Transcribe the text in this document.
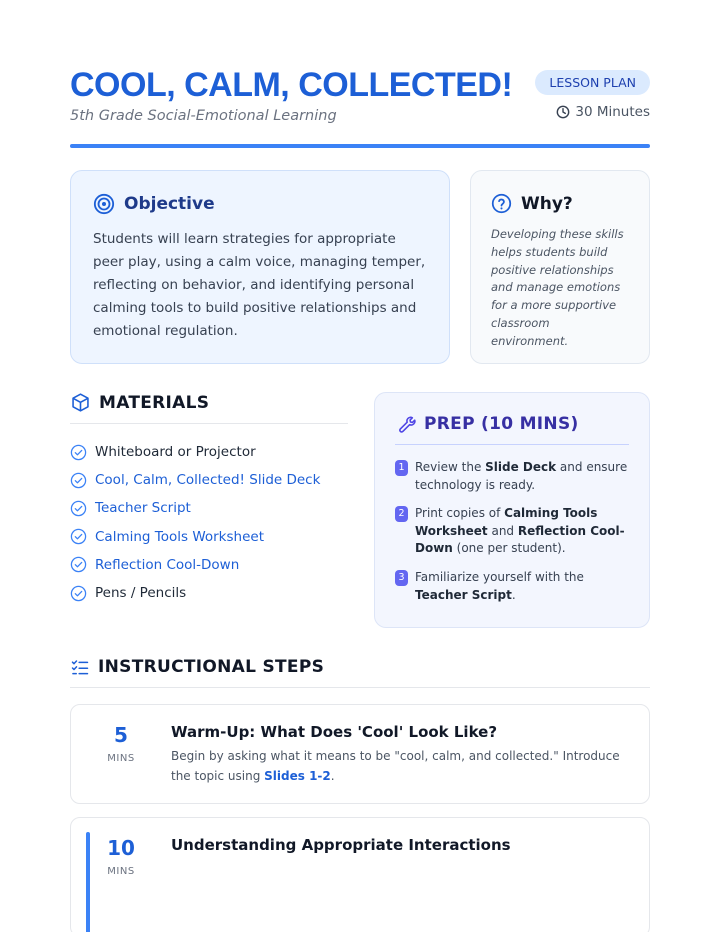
COOL, CALM, COLLECTED!
5th Grade Social-Emotional Learning
LESSON PLAN
30 Minutes
Objective

Students will learn strategies for appropriate peer play, using a calm voice, managing temper, reflecting on behavior, and identifying personal calming tools to build positive relationships and emotional regulation.

Why?

Developing these skills helps students build positive relationships and manage emotions for a more supportive classroom environment.

MATERIALS
Whiteboard or Projector
Cool, Calm, Collected! Slide Deck
Teacher Script
Calming Tools Worksheet
Reflection Cool-Down
Pens / Pencils
PREP (10 MINS)
1 Review the Slide Deck and ensure technology is ready.
2 Print copies of Calming Tools Worksheet and Reflection Cool-Down (one per student).
3 Familiarize yourself with the Teacher Script.
INSTRUCTIONAL STEPS
5
MINS
Warm-Up: What Does 'Cool' Look Like?

Begin by asking what it means to be "cool, calm, and collected." Introduce the topic using Slides 1-2.

10
MINS
Understanding Appropriate Interactions
